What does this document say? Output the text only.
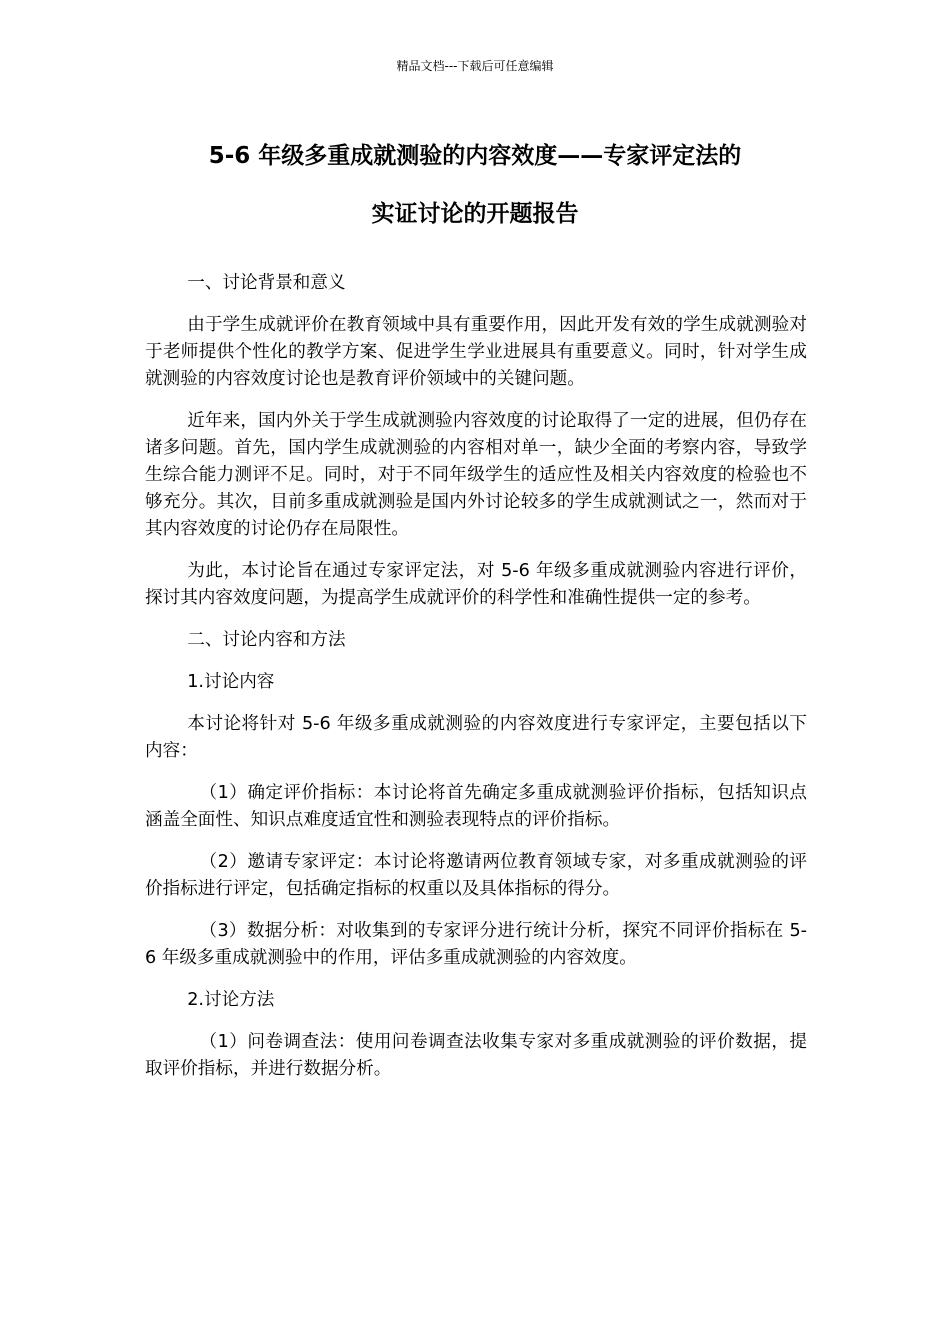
精品文档---下载后可任意编辑
5-6 年级多重成就测验的内容效度——专家评定法的
实证讨论的开题报告

一、讨论背景和意义

由于学生成就评价在教育领域中具有重要作用，因此开发有效的学生成就测验对于老师提供个性化的教学方案、促进学生学业进展具有重要意义。同时，针对学生成就测验的内容效度讨论也是教育评价领域中的关键问题。

近年来，国内外关于学生成就测验内容效度的讨论取得了一定的进展，但仍存在诸多问题。首先，国内学生成就测验的内容相对单一，缺少全面的考察内容，导致学生综合能力测评不足。同时，对于不同年级学生的适应性及相关内容效度的检验也不够充分。其次，目前多重成就测验是国内外讨论较多的学生成就测试之一，然而对于其内容效度的讨论仍存在局限性。

为此，本讨论旨在通过专家评定法，对 5-6 年级多重成就测验内容进行评价，探讨其内容效度问题，为提高学生成就评价的科学性和准确性提供一定的参考。

二、讨论内容和方法

1.讨论内容

本讨论将针对 5-6 年级多重成就测验的内容效度进行专家评定，主要包括以下内容：

（1）确定评价指标：本讨论将首先确定多重成就测验评价指标，包括知识点涵盖全面性、知识点难度适宜性和测验表现特点的评价指标。

（2）邀请专家评定：本讨论将邀请两位教育领域专家，对多重成就测验的评价指标进行评定，包括确定指标的权重以及具体指标的得分。

（3）数据分析：对收集到的专家评分进行统计分析，探究不同评价指标在 5-6 年级多重成就测验中的作用，评估多重成就测验的内容效度。

2.讨论方法

（1）问卷调查法：使用问卷调查法收集专家对多重成就测验的评价数据，提取评价指标，并进行数据分析。
